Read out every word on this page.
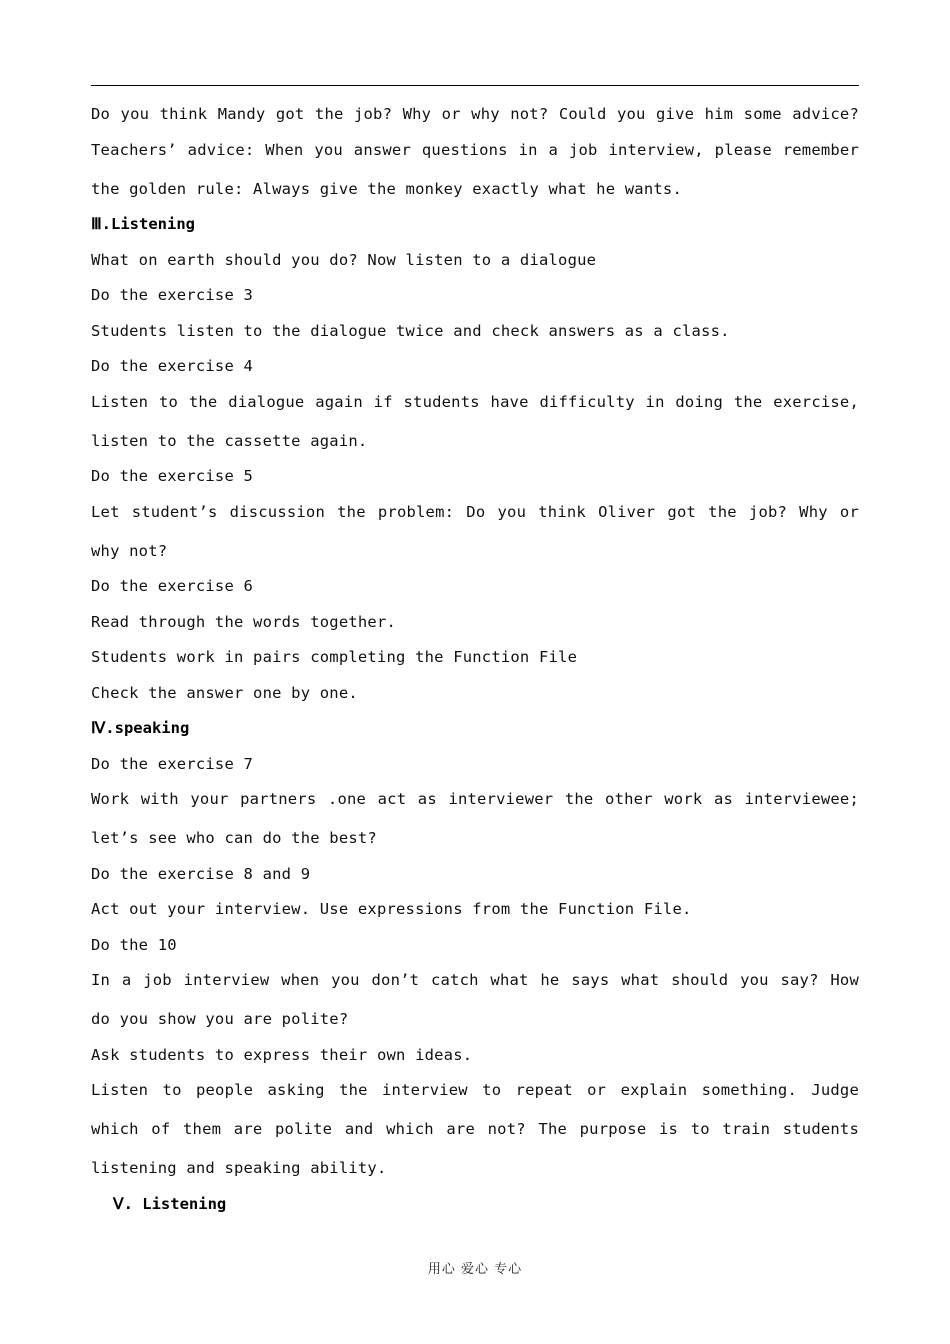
Do you think Mandy got the job? Why or why not? Could you give him some advice?
Teachers’ advice: When you answer questions in a job interview, please remember
the golden rule: Always give the monkey exactly what he wants.
Ⅲ.Listening
What on earth should you do? Now listen to a dialogue
Do the exercise 3
Students listen to the dialogue twice and check answers as a class.
Do the exercise 4
Listen to the dialogue again if students have difficulty in doing the exercise,
listen to the cassette again.
Do the exercise 5
Let student’s discussion the problem: Do you think Oliver got the job? Why or
why not?
Do the exercise 6
Read through the words together.
Students work in pairs completing the Function File
Check the answer one by one.
Ⅳ.speaking
Do the exercise 7
Work with your partners .one act as interviewer the other work as interviewee;
let’s see who can do the best?
Do the exercise 8 and 9
Act out your interview. Use expressions from the Function File.
Do the 10
In a job interview when you don’t catch what he says what should you say? How
do you show you are polite?
Ask students to express their own ideas.
Listen to people asking the interview to repeat or explain something. Judge
which of them are polite and which are not? The purpose is to train students
listening and speaking ability.
Ⅴ. Listening
用心 爱心 专心
